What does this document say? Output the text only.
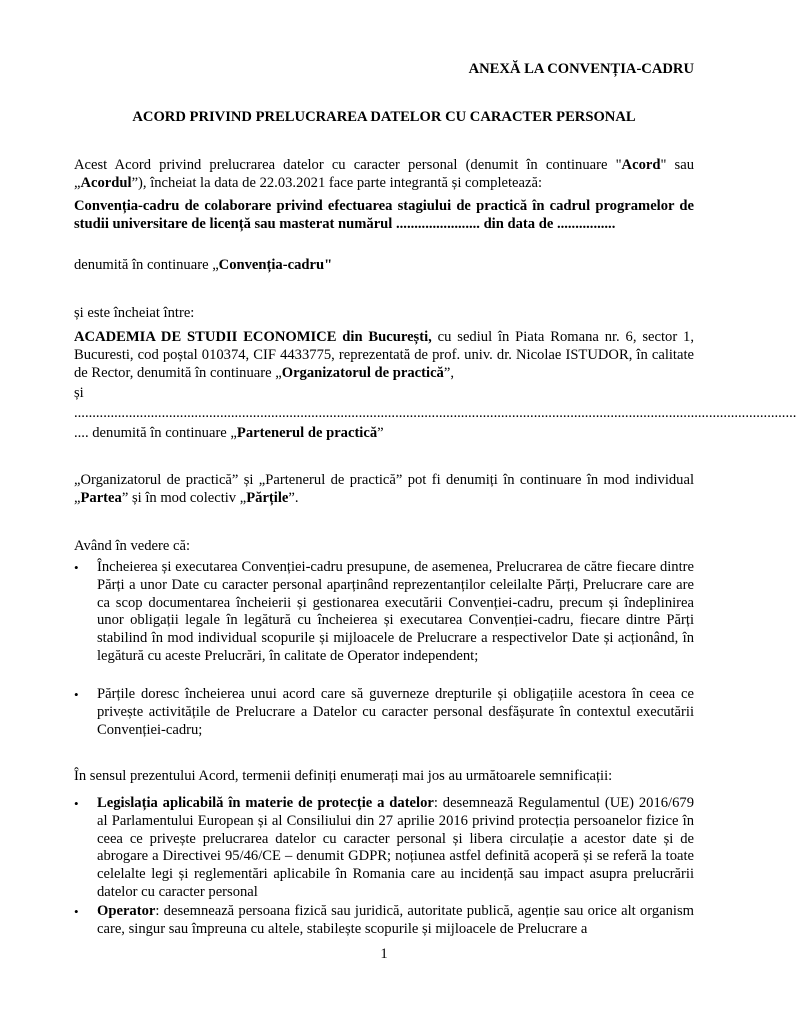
ANEXĂ LA CONVENȚIA-CADRU

ACORD PRIVIND PRELUCRAREA DATELOR CU CARACTER PERSONAL

Acest Acord privind prelucrarea datelor cu caracter personal (denumit în continuare "Acord" sau „Acordul”), încheiat la data de 22.03.2021 face parte integrantă și completează:

Convenția-cadru de colaborare privind efectuarea stagiului de practică în cadrul programelor de studii universitare de licență sau masterat numărul ....................... din data de ................

denumită în continuare „Convenția-cadru"

și este încheiat între:

ACADEMIA DE STUDII ECONOMICE din București, cu sediul în Piata Romana nr. 6, sector 1, Bucuresti, cod poștal 010374, CIF 4433775, reprezentată de prof. univ. dr. Nicolae ISTUDOR, în calitate de Rector, denumită în continuare „Organizatorul de practică”,

și

......................................................................................................................................................................................................

.... denumită în continuare „Partenerul de practică”

„Organizatorul de practică” și „Partenerul de practică” pot fi denumiți în continuare în mod individual „Partea” și în mod colectiv „Părțile”.

Având în vedere că:

• Încheierea și executarea Convenției-cadru presupune, de asemenea, Prelucrarea de către fiecare dintre Părți a unor Date cu caracter personal aparținând reprezentanților celeilalte Părți, Prelucrare care are ca scop documentarea încheierii și gestionarea executării Convenției-cadru, precum și îndeplinirea unor obligații legale în legătură cu încheierea și executarea Convenției-cadru, fiecare dintre Părți stabilind în mod individual scopurile și mijloacele de Prelucrare a respectivelor Date și acționând, în legătură cu aceste Prelucrări, în calitate de Operator independent;
• Părțile doresc încheierea unui acord care să guverneze drepturile și obligațiile acestora în ceea ce privește activitățile de Prelucrare a Datelor cu caracter personal desfășurate în contextul executării Convenției-cadru;

În sensul prezentului Acord, termenii definiți enumerați mai jos au următoarele semnificații:

• Legislația aplicabilă în materie de protecție a datelor: desemnează Regulamentul (UE) 2016/679 al Parlamentului European și al Consiliului din 27 aprilie 2016 privind protecția persoanelor fizice în ceea ce privește prelucrarea datelor cu caracter personal și libera circulație a acestor date și de abrogare a Directivei 95/46/CE – denumit GDPR; noțiunea astfel definită acoperă și se referă la toate celelalte legi și reglementări aplicabile în Romania care au incidență sau impact asupra prelucrării datelor cu caracter personal
• Operator: desemnează persoana fizică sau juridică, autoritate publică, agenție sau orice alt organism care, singur sau împreuna cu altele, stabilește scopurile și mijloacele de Prelucrare a

1
